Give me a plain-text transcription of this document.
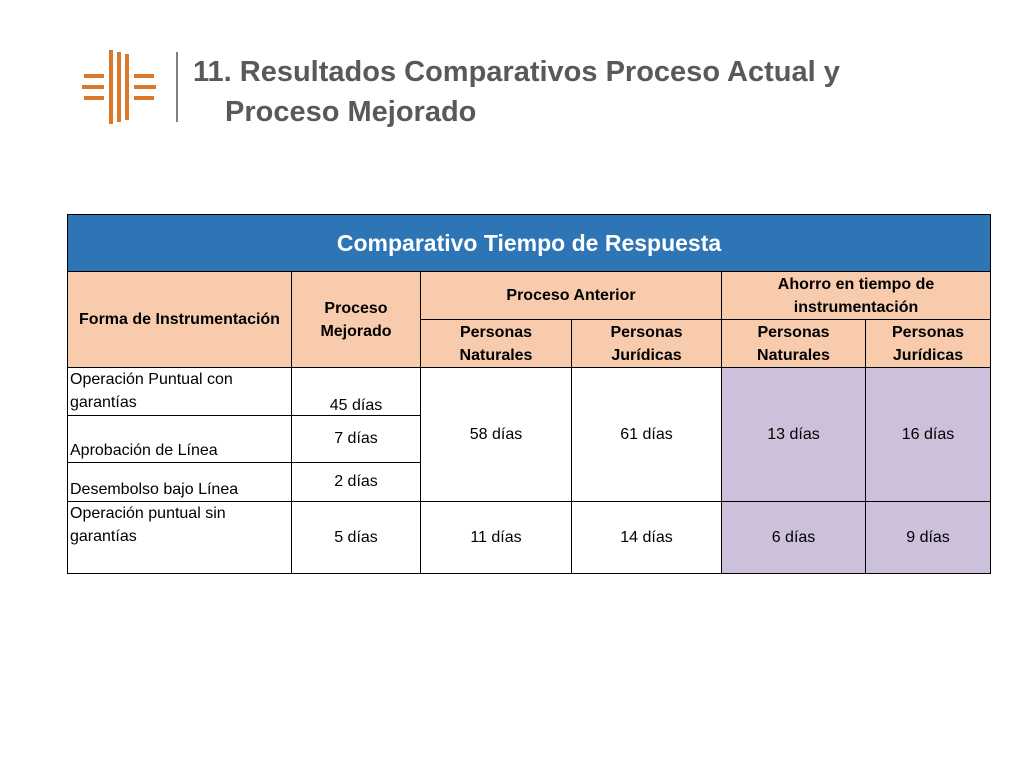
11. Resultados Comparativos Proceso Actual y
Proceso Mejorado
Comparativo Tiempo de Respuesta					
Forma de Instrumentación	Proceso Mejorado	Proceso Anterior		Ahorro en tiempo de instrumentación	
		Personas Naturales	Personas Jurídicas	Personas Naturales	Personas Jurídicas
Operación Puntual con garantías	45 días	58 días	61 días	13 días	16 días
Aprobación de Línea	7 días				
Desembolso bajo Línea	2 días				
Operación puntual sin garantías	5 días	11 días	14 días	6 días	9 días
